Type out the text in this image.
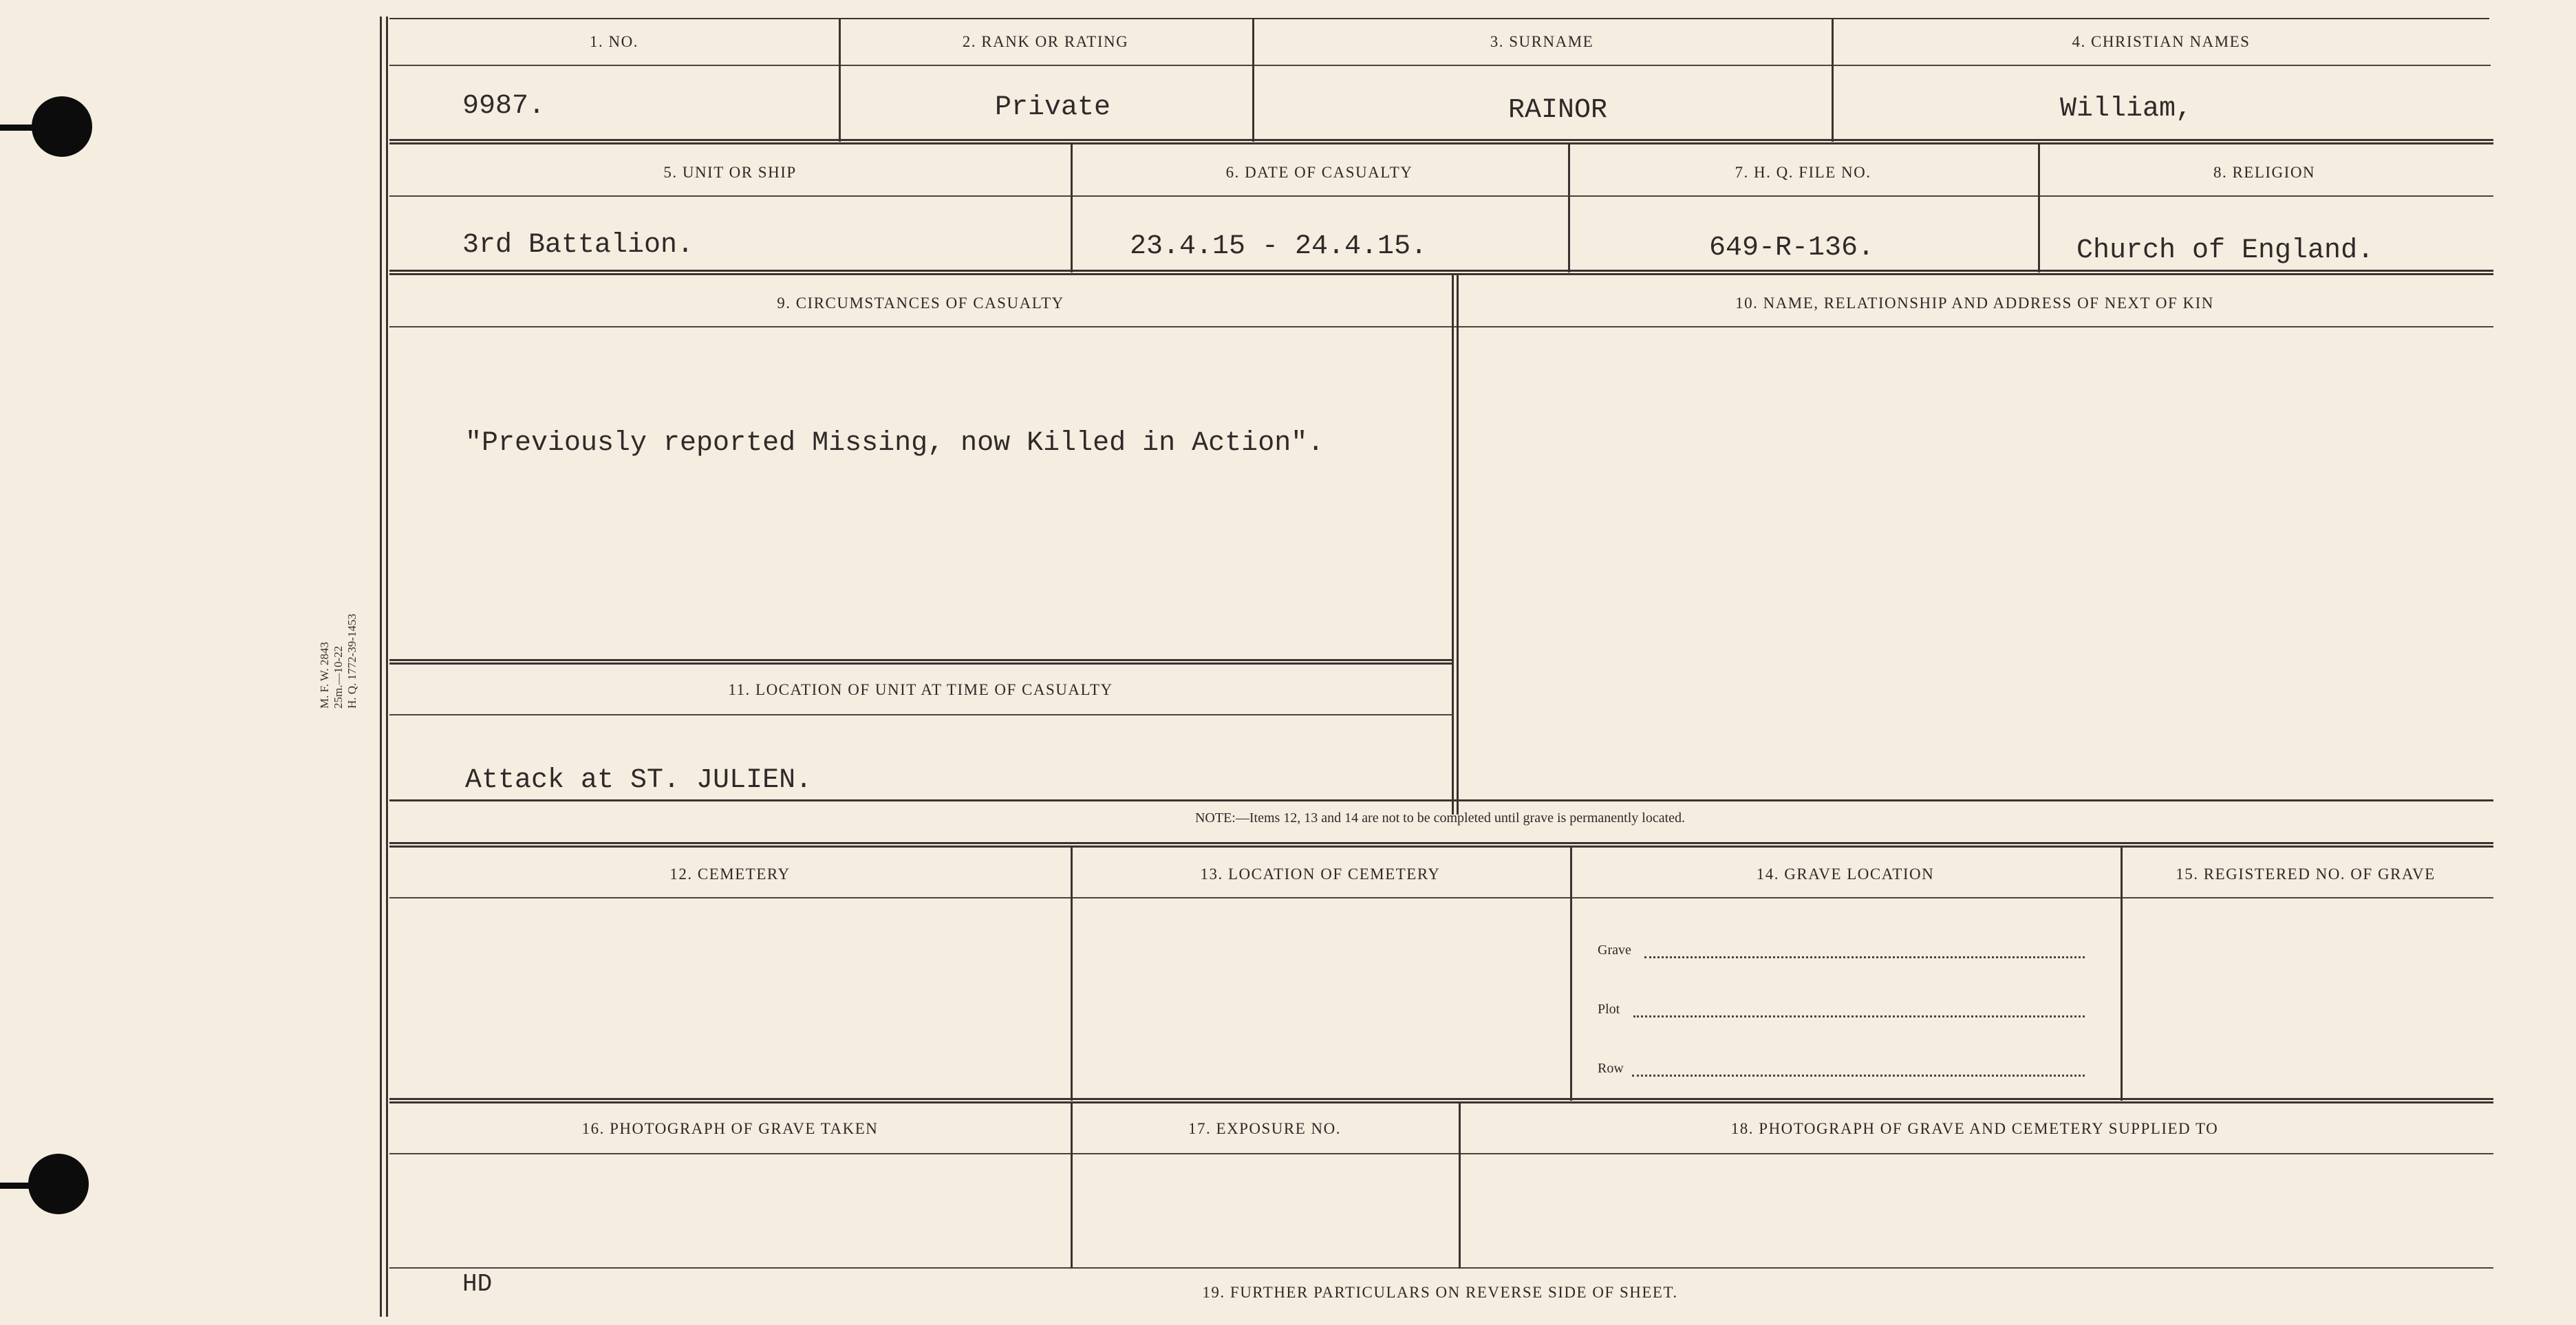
M. F. W. 2843 25m.—10-22 H. Q. 1772-39-1453
1. NO.	2. RANK OR RATING	3. SURNAME	4. CHRISTIAN NAMES
9987.	Private	RAINOR	William,
5. UNIT OR SHIP	6. DATE OF CASUALTY	7. H. Q. FILE NO.	8. RELIGION
3rd Battalion.	23.4.15 - 24.4.15.	649-R-136.	Church of England.
9. CIRCUMSTANCES OF CASUALTY	10. NAME, RELATIONSHIP AND ADDRESS OF NEXT OF KIN
"Previously reported Missing, now Killed in Action".
11. LOCATION OF UNIT AT TIME OF CASUALTY
Attack at ST. JULIEN.
NOTE:—Items 12, 13 and 14 are not to be completed until grave is permanently located.
12. CEMETERY	13. LOCATION OF CEMETERY	14. GRAVE LOCATION	15. REGISTERED NO. OF GRAVE
Grave
Plot
Row
16. PHOTOGRAPH OF GRAVE TAKEN	17. EXPOSURE NO.	18. PHOTOGRAPH OF GRAVE AND CEMETERY SUPPLIED TO
19. FURTHER PARTICULARS ON REVERSE SIDE OF SHEET.
HD
